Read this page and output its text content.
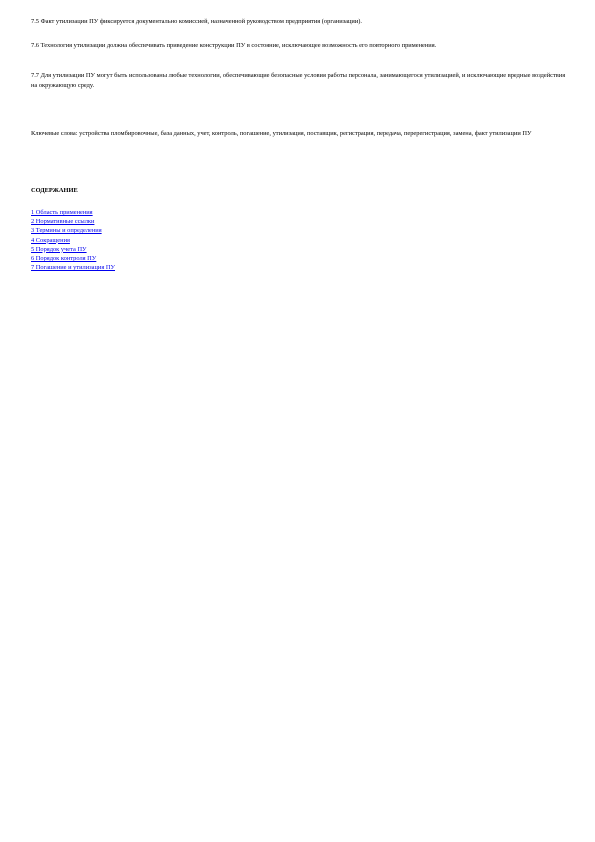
7.5 Факт утилизации ПУ фиксируется документально комиссией, назначенной руководством предприятия (организации).

7.6 Технология утилизации должна обеспечивать приведение конструкции ПУ в состояние, исключающее возможность его повторного применения.

7.7 Для утилизации ПУ могут быть использованы любые технологии, обеспечивающие безопасные условия работы персонала, занимающегося утилизацией, и исключающие вредные воздействия на окружающую среду.

Ключевые слова: устройства пломбировочные, база данных, учет, контроль, погашение, утилизация, поставщик, регистрация, передача, перерегистрация, замена, факт утилизации ПУ

СОДЕРЖАНИЕ

1 Область применения
2 Нормативные ссылки
3 Термины и определения
4 Сокращения
5 Порядок учета ПУ
6 Порядок контроля ПУ
7 Погашение и утилизация ПУ
